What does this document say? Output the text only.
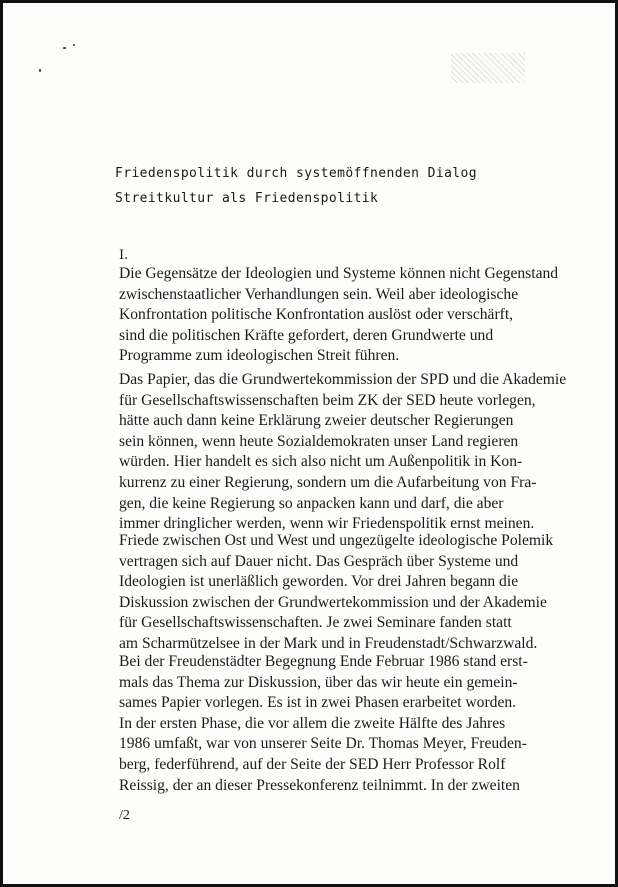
Friedenspolitik durch systemöffnenden Dialog
Streitkultur als Friedenspolitik
I.
Die Gegensätze der Ideologien und Systeme können nicht Gegenstand
zwischenstaatlicher Verhandlungen sein. Weil aber ideologische
Konfrontation politische Konfrontation auslöst oder verschärft,
sind die politischen Kräfte gefordert, deren Grundwerte und
Programme zum ideologischen Streit führen.
Das Papier, das die Grundwertekommission der SPD und die Akademie
für Gesellschaftswissenschaften beim ZK der SED heute vorlegen,
hätte auch dann keine Erklärung zweier deutscher Regierungen
sein können, wenn heute Sozialdemokraten unser Land regieren
würden. Hier handelt es sich also nicht um Außenpolitik in Kon-
kurrenz zu einer Regierung, sondern um die Aufarbeitung von Fra-
gen, die keine Regierung so anpacken kann und darf, die aber
immer dringlicher werden, wenn wir Friedenspolitik ernst meinen.
Friede zwischen Ost und West und ungezügelte ideologische Polemik
vertragen sich auf Dauer nicht. Das Gespräch über Systeme und
Ideologien ist unerläßlich geworden. Vor drei Jahren begann die
Diskussion zwischen der Grundwertekommission und der Akademie
für Gesellschaftswissenschaften. Je zwei Seminare fanden statt
am Scharmützelsee in der Mark und in Freudenstadt/Schwarzwald.
Bei der Freudenstädter Begegnung Ende Februar 1986 stand erst-
mals das Thema zur Diskussion, über das wir heute ein gemein-
sames Papier vorlegen. Es ist in zwei Phasen erarbeitet worden.
In der ersten Phase, die vor allem die zweite Hälfte des Jahres
1986 umfaßt, war von unserer Seite Dr. Thomas Meyer, Freuden-
berg, federführend, auf der Seite der SED Herr Professor Rolf
Reissig, der an dieser Pressekonferenz teilnimmt. In der zweiten
/2
